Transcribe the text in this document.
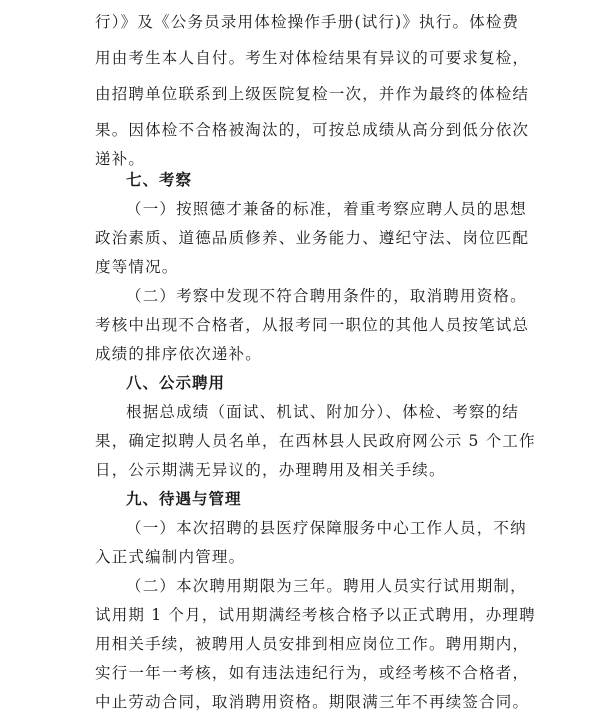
行）》及《公务员录用体检操作手册(试行)》执行。体检费
用由考生本人自付。考生对体检结果有异议的可要求复检，
由招聘单位联系到上级医院复检一次，并作为最终的体检结
果。因体检不合格被淘汰的，可按总成绩从高分到低分依次
递补。
七、考察
（一）按照德才兼备的标准，着重考察应聘人员的思想
政治素质、道德品质修养、业务能力、遵纪守法、岗位匹配
度等情况。
（二）考察中发现不符合聘用条件的，取消聘用资格。
考核中出现不合格者，从报考同一职位的其他人员按笔试总
成绩的排序依次递补。
八、公示聘用
根据总成绩（面试、机试、附加分）、体检、考察的结
果，确定拟聘人员名单，在西林县人民政府网公示 5 个工作
日，公示期满无异议的，办理聘用及相关手续。
九、待遇与管理
（一）本次招聘的县医疗保障服务中心工作人员，不纳
入正式编制内管理。
（二）本次聘用期限为三年。聘用人员实行试用期制，
试用期 1 个月，试用期满经考核合格予以正式聘用，办理聘
用相关手续，被聘用人员安排到相应岗位工作。聘用期内，
实行一年一考核，如有违法违纪行为，或经考核不合格者，
中止劳动合同，取消聘用资格。期限满三年不再续签合同。
